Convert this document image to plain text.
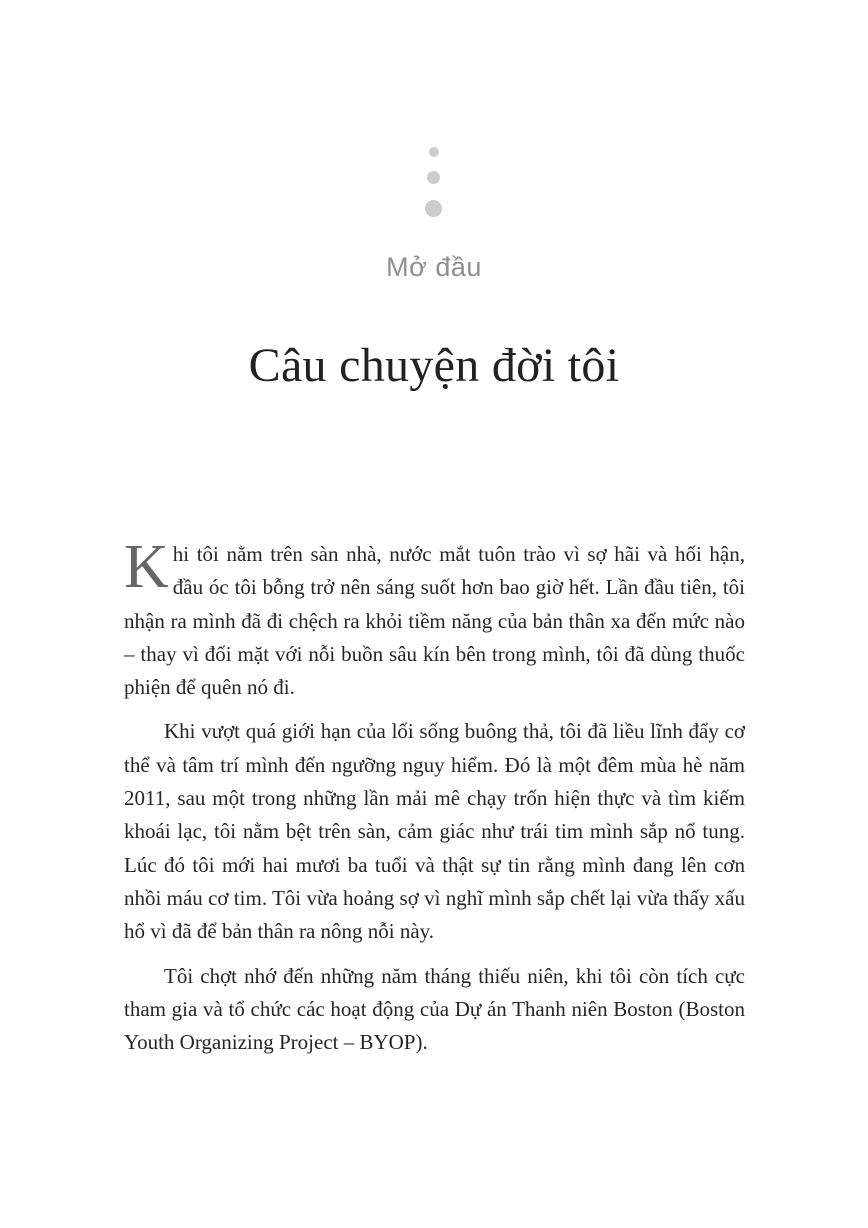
Mở đầu
Câu chuyện đời tôi

Khi tôi nằm trên sàn nhà, nước mắt tuôn trào vì sợ hãi và hối hận, đầu óc tôi bỗng trở nên sáng suốt hơn bao giờ hết. Lần đầu tiên, tôi nhận ra mình đã đi chệch ra khỏi tiềm năng của bản thân xa đến mức nào – thay vì đối mặt với nỗi buồn sâu kín bên trong mình, tôi đã dùng thuốc phiện để quên nó đi.

Khi vượt quá giới hạn của lối sống buông thả, tôi đã liều lĩnh đẩy cơ thể và tâm trí mình đến ngưỡng nguy hiểm. Đó là một đêm mùa hè năm 2011, sau một trong những lần mải mê chạy trốn hiện thực và tìm kiếm khoái lạc, tôi nằm bệt trên sàn, cảm giác như trái tim mình sắp nổ tung. Lúc đó tôi mới hai mươi ba tuổi và thật sự tin rằng mình đang lên cơn nhồi máu cơ tim. Tôi vừa hoảng sợ vì nghĩ mình sắp chết lại vừa thấy xấu hổ vì đã để bản thân ra nông nỗi này.

Tôi chợt nhớ đến những năm tháng thiếu niên, khi tôi còn tích cực tham gia và tổ chức các hoạt động của Dự án Thanh niên Boston (Boston Youth Organizing Project – BYOP).
